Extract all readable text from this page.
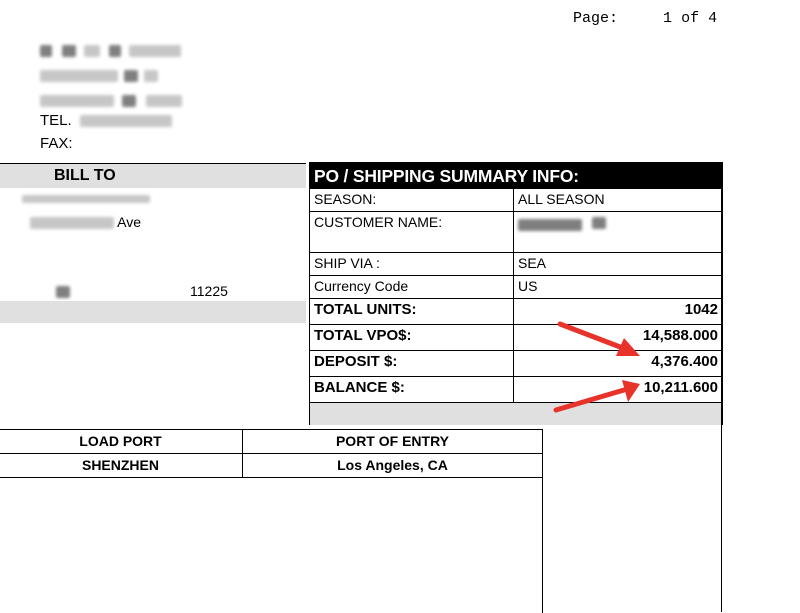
Page:	1 of 4

TEL.
FAX:
BILL TO
Ave
11225
PO / SHIPPING SUMMARY INFO:
SEASON:	ALL SEASON
CUSTOMER NAME:

SHIP VIA :	SEA
Currency Code	US
TOTAL UNITS:	1042
TOTAL VPO$:	14,588.000
DEPOSIT $:	4,376.400
BALANCE $:	10,211.600
LOAD PORT	PORT OF ENTRY
SHENZHEN	Los Angeles, CA
